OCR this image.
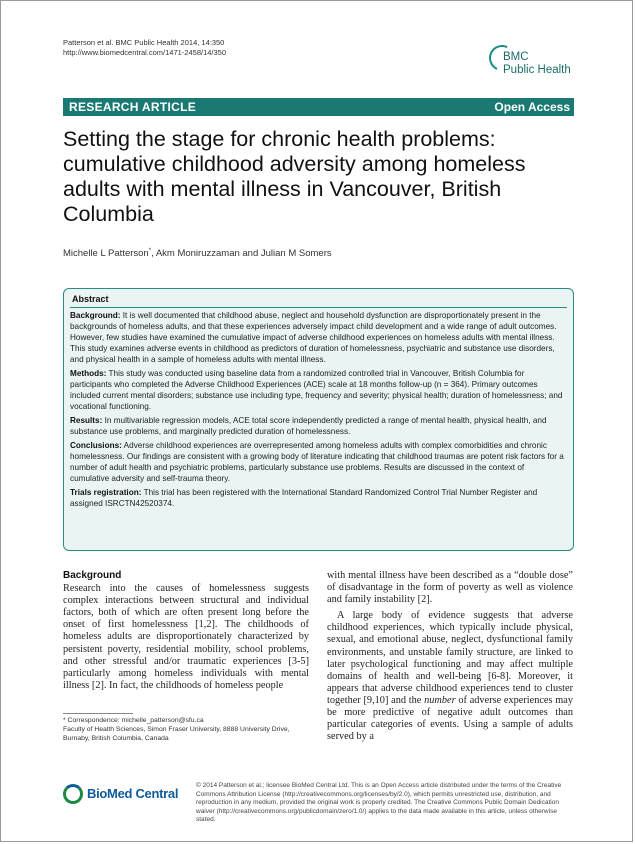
Patterson et al. BMC Public Health 2014, 14:350
http://www.biomedcentral.com/1471-2458/14/350	BMC
Public Health
RESEARCH ARTICLE	Open Access
Setting the stage for chronic health problems: cumulative childhood adversity among homeless adults with mental illness in Vancouver, British Columbia
Michelle L Patterson*, Akm Moniruzzaman and Julian M Somers
Abstract

Background: It is well documented that childhood abuse, neglect and household dysfunction are disproportionately present in the backgrounds of homeless adults, and that these experiences adversely impact child development and a wide range of adult outcomes. However, few studies have examined the cumulative impact of adverse childhood experiences on homeless adults with mental illness. This study examines adverse events in childhood as predictors of duration of homelessness, psychiatric and substance use disorders, and physical health in a sample of homeless adults with mental illness.

Methods: This study was conducted using baseline data from a randomized controlled trial in Vancouver, British Columbia for participants who completed the Adverse Childhood Experiences (ACE) scale at 18 months follow-up (n = 364). Primary outcomes included current mental disorders; substance use including type, frequency and severity; physical health; duration of homelessness; and vocational functioning.

Results: In multivariable regression models, ACE total score independently predicted a range of mental health, physical health, and substance use problems, and marginally predicted duration of homelessness.

Conclusions: Adverse childhood experiences are overrepresented among homeless adults with complex comorbidities and chronic homelessness. Our findings are consistent with a growing body of literature indicating that childhood traumas are potent risk factors for a number of adult health and psychiatric problems, particularly substance use problems. Results are discussed in the context of cumulative adversity and self-trauma theory.

Trials registration: This trial has been registered with the International Standard Randomized Control Trial Number Register and assigned ISRCTN42520374.

Background

Research into the causes of homelessness suggests complex interactions between structural and individual factors, both of which are often present long before the onset of first homelessness [1,2]. The childhoods of homeless adults are disproportionately characterized by persistent poverty, residential mobility, school problems, and other stressful and/or traumatic experiences [3-5] particularly among homeless individuals with mental illness [2]. In fact, the childhoods of homeless people

with mental illness have been described as a “double dose” of disadvantage in the form of poverty as well as violence and family instability [2].

A large body of evidence suggests that adverse childhood experiences, which typically include physical, sexual, and emotional abuse, neglect, dysfunctional family environments, and unstable family structure, are linked to later psychological functioning and may affect multiple domains of health and well-being [6-8]. Moreover, it appears that adverse childhood experiences tend to cluster together [9,10] and the number of adverse experiences may be more predictive of negative adult outcomes than particular categories of events. Using a sample of adults served by a

* Correspondence: michelle_patterson@sfu.ca
Faculty of Health Sciences, Simon Fraser University, 8888 University Drive, Burnaby, British Columbia, Canada
BioMed Central
© 2014 Patterson et al.; licensee BioMed Central Ltd. This is an Open Access article distributed under the terms of the Creative Commons Attribution License (http://creativecommons.org/licenses/by/2.0), which permits unrestricted use, distribution, and reproduction in any medium, provided the original work is properly credited. The Creative Commons Public Domain Dedication waiver (http://creativecommons.org/publicdomain/zero/1.0/) applies to the data made available in this article, unless otherwise stated.
